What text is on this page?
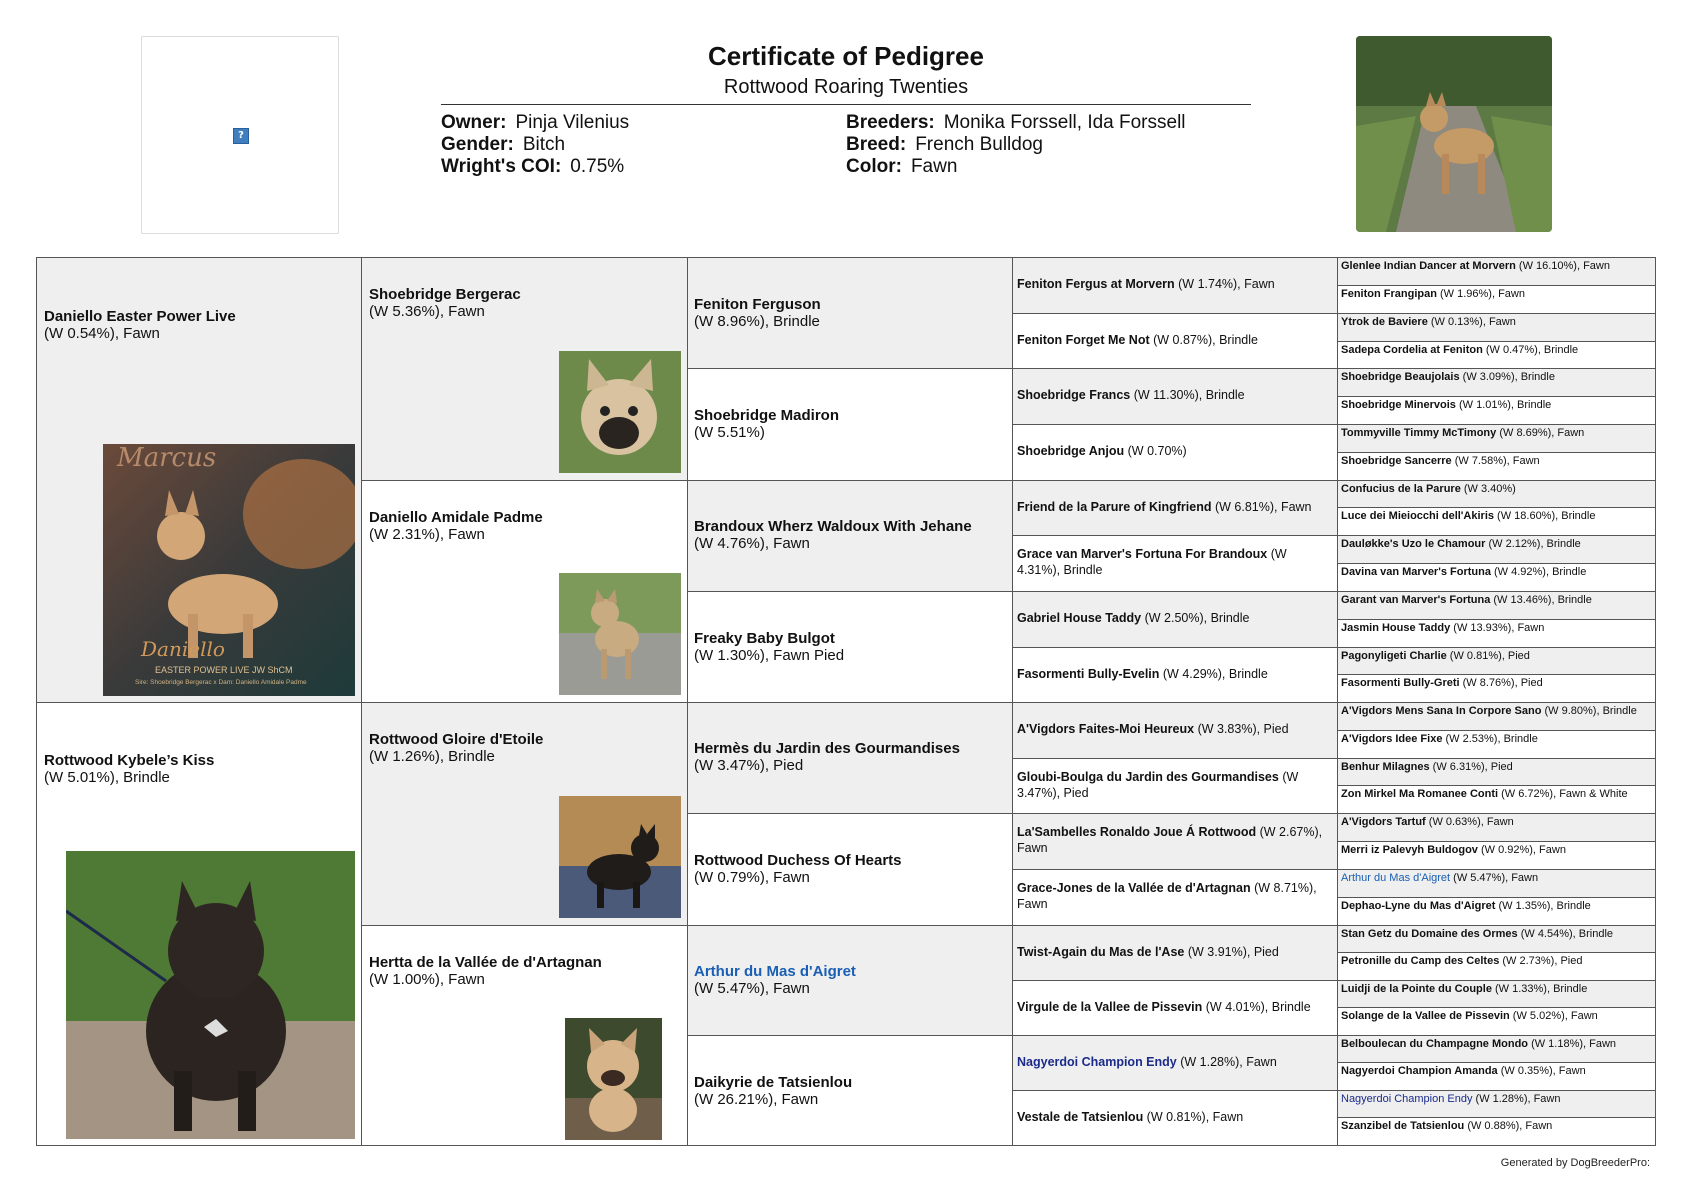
?
Certificate of Pedigree
Rottwood Roaring Twenties
Owner: Pinja Vilenius
Gender: Bitch
Wright's COI: 0.75%
Breeders: Monika Forssell, Ida Forssell
Breed: French Bulldog
Color: Fawn
Daniello Easter Power Live
(W 0.54%), Fawn
Marcus
Daniello
EASTER POWER LIVE JW ShCM
Sire: Shoebridge Bergerac x Dam: Daniello Amidale Padme
Rottwood Kybele’s Kiss
(W 5.01%), Brindle
Shoebridge Bergerac
(W 5.36%), Fawn
Daniello Amidale Padme
(W 2.31%), Fawn
Rottwood Gloire d'Etoile
(W 1.26%), Brindle
Hertta de la Vallée de d'Artagnan
(W 1.00%), Fawn
Feniton Ferguson
(W 8.96%), Brindle
Shoebridge Madiron
(W 5.51%)
Brandoux Wherz Waldoux With Jehane
(W 4.76%), Fawn
Freaky Baby Bulgot
(W 1.30%), Fawn Pied
Hermès du Jardin des Gourmandises
(W 3.47%), Pied
Rottwood Duchess Of Hearts
(W 0.79%), Fawn
Arthur du Mas d'Aigret
(W 5.47%), Fawn
Daikyrie de Tatsienlou
(W 26.21%), Fawn
Feniton Fergus at Morvern (W 1.74%), Fawn
Feniton Forget Me Not (W 0.87%), Brindle
Shoebridge Francs (W 11.30%), Brindle
Shoebridge Anjou (W 0.70%)
Friend de la Parure of Kingfriend (W 6.81%), Fawn
Grace van Marver's Fortuna For Brandoux (W 4.31%), Brindle
Gabriel House Taddy (W 2.50%), Brindle
Fasormenti Bully-Evelin (W 4.29%), Brindle
A'Vigdors Faites-Moi Heureux (W 3.83%), Pied
Gloubi-Boulga du Jardin des Gourmandises (W 3.47%), Pied
La'Sambelles Ronaldo Joue Á Rottwood (W 2.67%), Fawn
Grace-Jones de la Vallée de d'Artagnan (W 8.71%), Fawn
Twist-Again du Mas de l'Ase (W 3.91%), Pied
Virgule de la Vallee de Pissevin (W 4.01%), Brindle
Nagyerdoi Champion Endy (W 1.28%), Fawn
Vestale de Tatsienlou (W 0.81%), Fawn
Glenlee Indian Dancer at Morvern (W 16.10%), Fawn
Feniton Frangipan (W 1.96%), Fawn
Ytrok de Baviere (W 0.13%), Fawn
Sadepa Cordelia at Feniton (W 0.47%), Brindle
Shoebridge Beaujolais (W 3.09%), Brindle
Shoebridge Minervois (W 1.01%), Brindle
Tommyville Timmy McTimony (W 8.69%), Fawn
Shoebridge Sancerre (W 7.58%), Fawn
Confucius de la Parure (W 3.40%)
Luce dei Mieiocchi dell'Akiris (W 18.60%), Brindle
Dauløkke's Uzo le Chamour (W 2.12%), Brindle
Davina van Marver's Fortuna (W 4.92%), Brindle
Garant van Marver's Fortuna (W 13.46%), Brindle
Jasmin House Taddy (W 13.93%), Fawn
Pagonyligeti Charlie (W 0.81%), Pied
Fasormenti Bully-Greti (W 8.76%), Pied
A'Vigdors Mens Sana In Corpore Sano (W 9.80%), Brindle
A'Vigdors Idee Fixe (W 2.53%), Brindle
Benhur Milagnes (W 6.31%), Pied
Zon Mirkel Ma Romanee Conti (W 6.72%), Fawn & White
A'Vigdors Tartuf (W 0.63%), Fawn
Merri iz Palevyh Buldogov (W 0.92%), Fawn
Arthur du Mas d'Aigret (W 5.47%), Fawn
Dephao-Lyne du Mas d'Aigret (W 1.35%), Brindle
Stan Getz du Domaine des Ormes (W 4.54%), Brindle
Petronille du Camp des Celtes (W 2.73%), Pied
Luidji de la Pointe du Couple (W 1.33%), Brindle
Solange de la Vallee de Pissevin (W 5.02%), Fawn
Belboulecan du Champagne Mondo (W 1.18%), Fawn
Nagyerdoi Champion Amanda (W 0.35%), Fawn
Nagyerdoi Champion Endy (W 1.28%), Fawn
Szanzibel de Tatsienlou (W 0.88%), Fawn
Generated by DogBreederPro:
